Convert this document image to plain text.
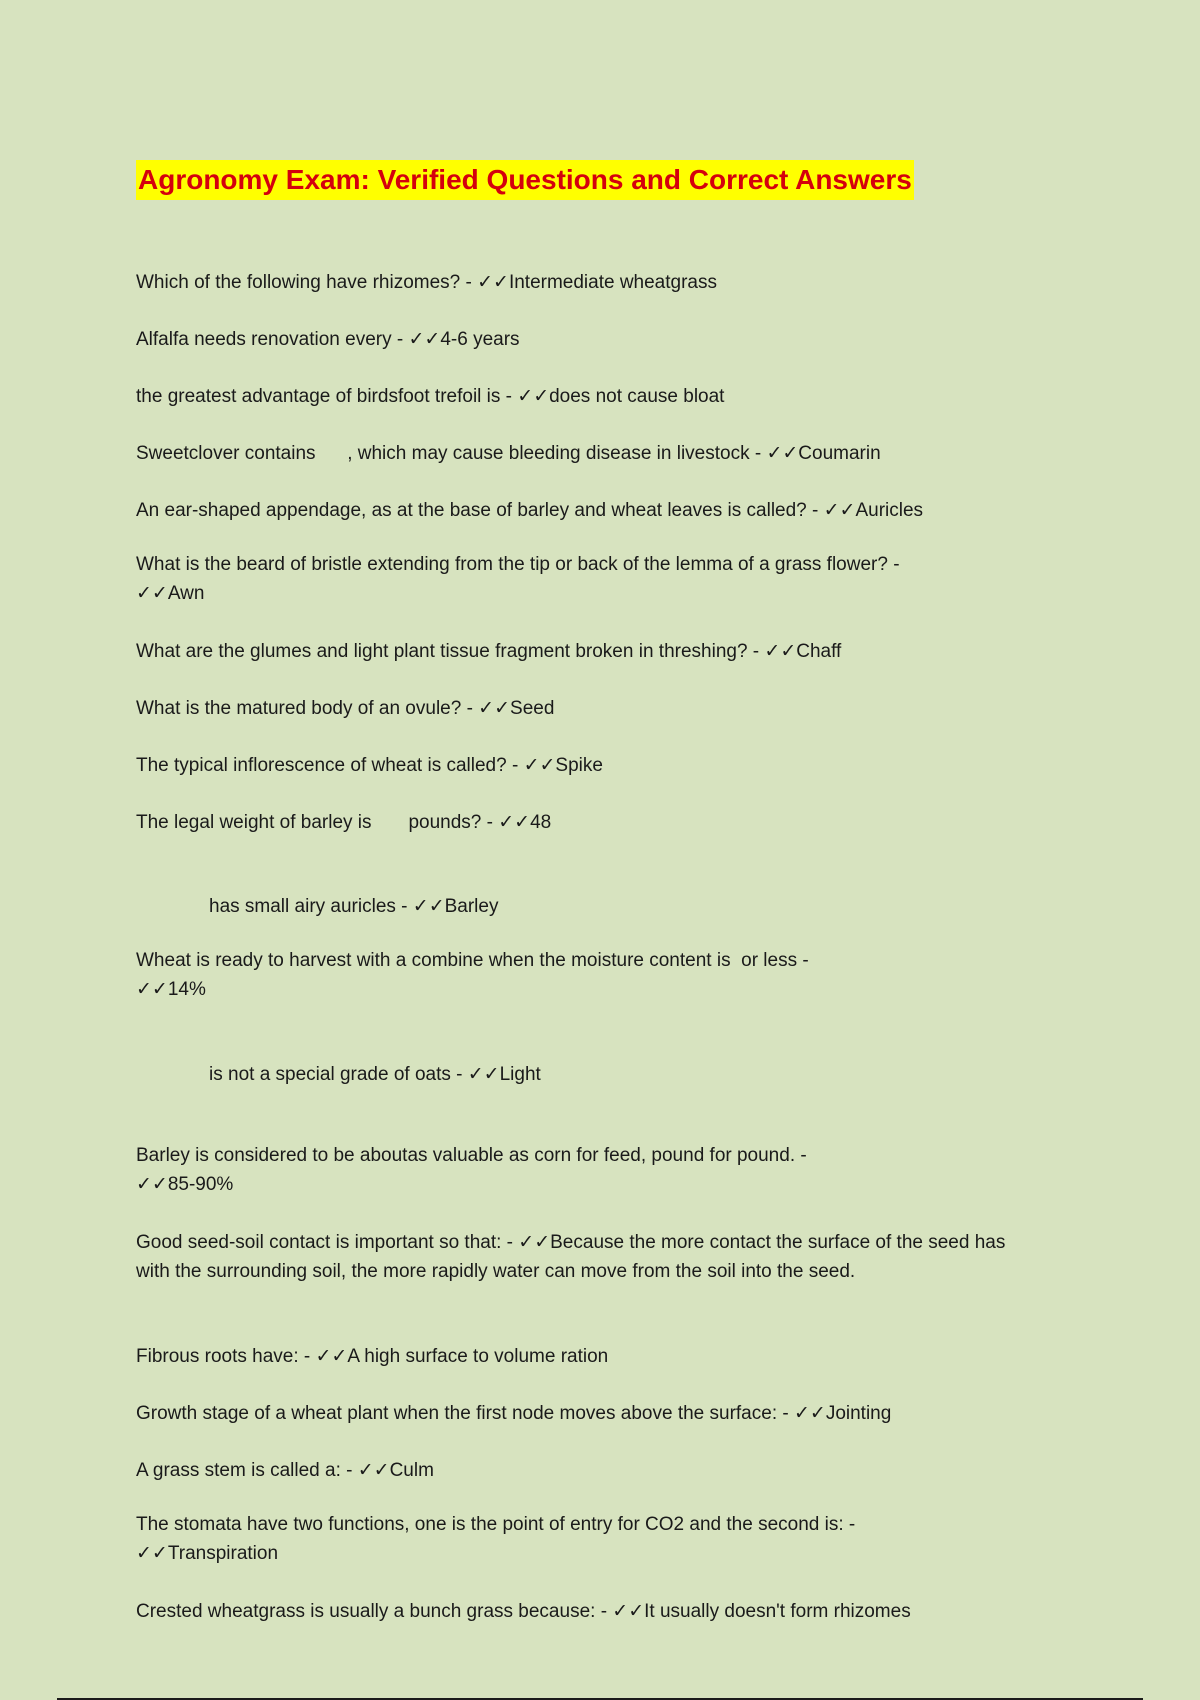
Agronomy Exam: Verified Questions and Correct Answers
Which of the following have rhizomes? - ✓✓Intermediate wheatgrass
Alfalfa needs renovation every - ✓✓4-6 years
the greatest advantage of birdsfoot trefoil is - ✓✓does not cause bloat
Sweetclover contains      , which may cause bleeding disease in livestock - ✓✓Coumarin
An ear-shaped appendage, as at the base of barley and wheat leaves is called? - ✓✓Auricles
What is the beard of bristle extending from the tip or back of the lemma of a grass flower? -
✓✓Awn
What are the glumes and light plant tissue fragment broken in threshing? - ✓✓Chaff
What is the matured body of an ovule? - ✓✓Seed
The typical inflorescence of wheat is called? - ✓✓Spike
The legal weight of barley is       pounds? - ✓✓48
has small airy auricles - ✓✓Barley
Wheat is ready to harvest with a combine when the moisture content is  or less -
✓✓14%
is not a special grade of oats - ✓✓Light
Barley is considered to be aboutas valuable as corn for feed, pound for pound. -
✓✓85-90%
Good seed-soil contact is important so that: - ✓✓Because the more contact the surface of the seed has
with the surrounding soil, the more rapidly water can move from the soil into the seed.
Fibrous roots have: - ✓✓A high surface to volume ration
Growth stage of a wheat plant when the first node moves above the surface: - ✓✓Jointing
A grass stem is called a: - ✓✓Culm
The stomata have two functions, one is the point of entry for CO2 and the second is: -
✓✓Transpiration
Crested wheatgrass is usually a bunch grass because: - ✓✓It usually doesn't form rhizomes
